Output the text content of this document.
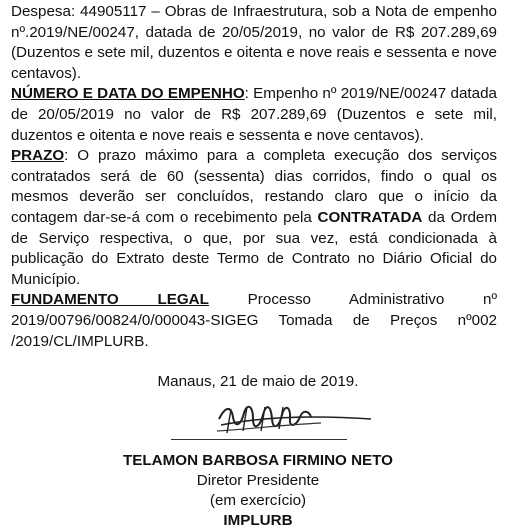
Despesa: 44905117 – Obras de Infraestrutura, sob a Nota de empenho nº.2019/NE/00247, datada de 20/05/2019, no valor de R$ 207.289,69 (Duzentos e sete mil, duzentos e oitenta e nove reais e sessenta e nove centavos).

NÚMERO E DATA DO EMPENHO: Empenho nº 2019/NE/00247 datada de 20/05/2019 no valor de R$ 207.289,69 (Duzentos e sete mil, duzentos e oitenta e nove reais e sessenta e nove centavos).

PRAZO: O prazo máximo para a completa execução dos serviços contratados será de 60 (sessenta) dias corridos, findo o qual os mesmos deverão ser concluídos, restando claro que o início da contagem dar-se-á com o recebimento pela CONTRATADA da Ordem de Serviço respectiva, o que, por sua vez, está condicionada à publicação do Extrato deste Termo de Contrato no Diário Oficial do Município.

FUNDAMENTO LEGAL Processo Administrativo nº 2019/00796/00824/0/000043-SIGEG Tomada de Preços nº002 /2019/CL/IMPLURB.

Manaus, 21 de maio de 2019.
TELAMON BARBOSA FIRMINO NETO
Diretor Presidente
(em exercício)
IMPLURB
